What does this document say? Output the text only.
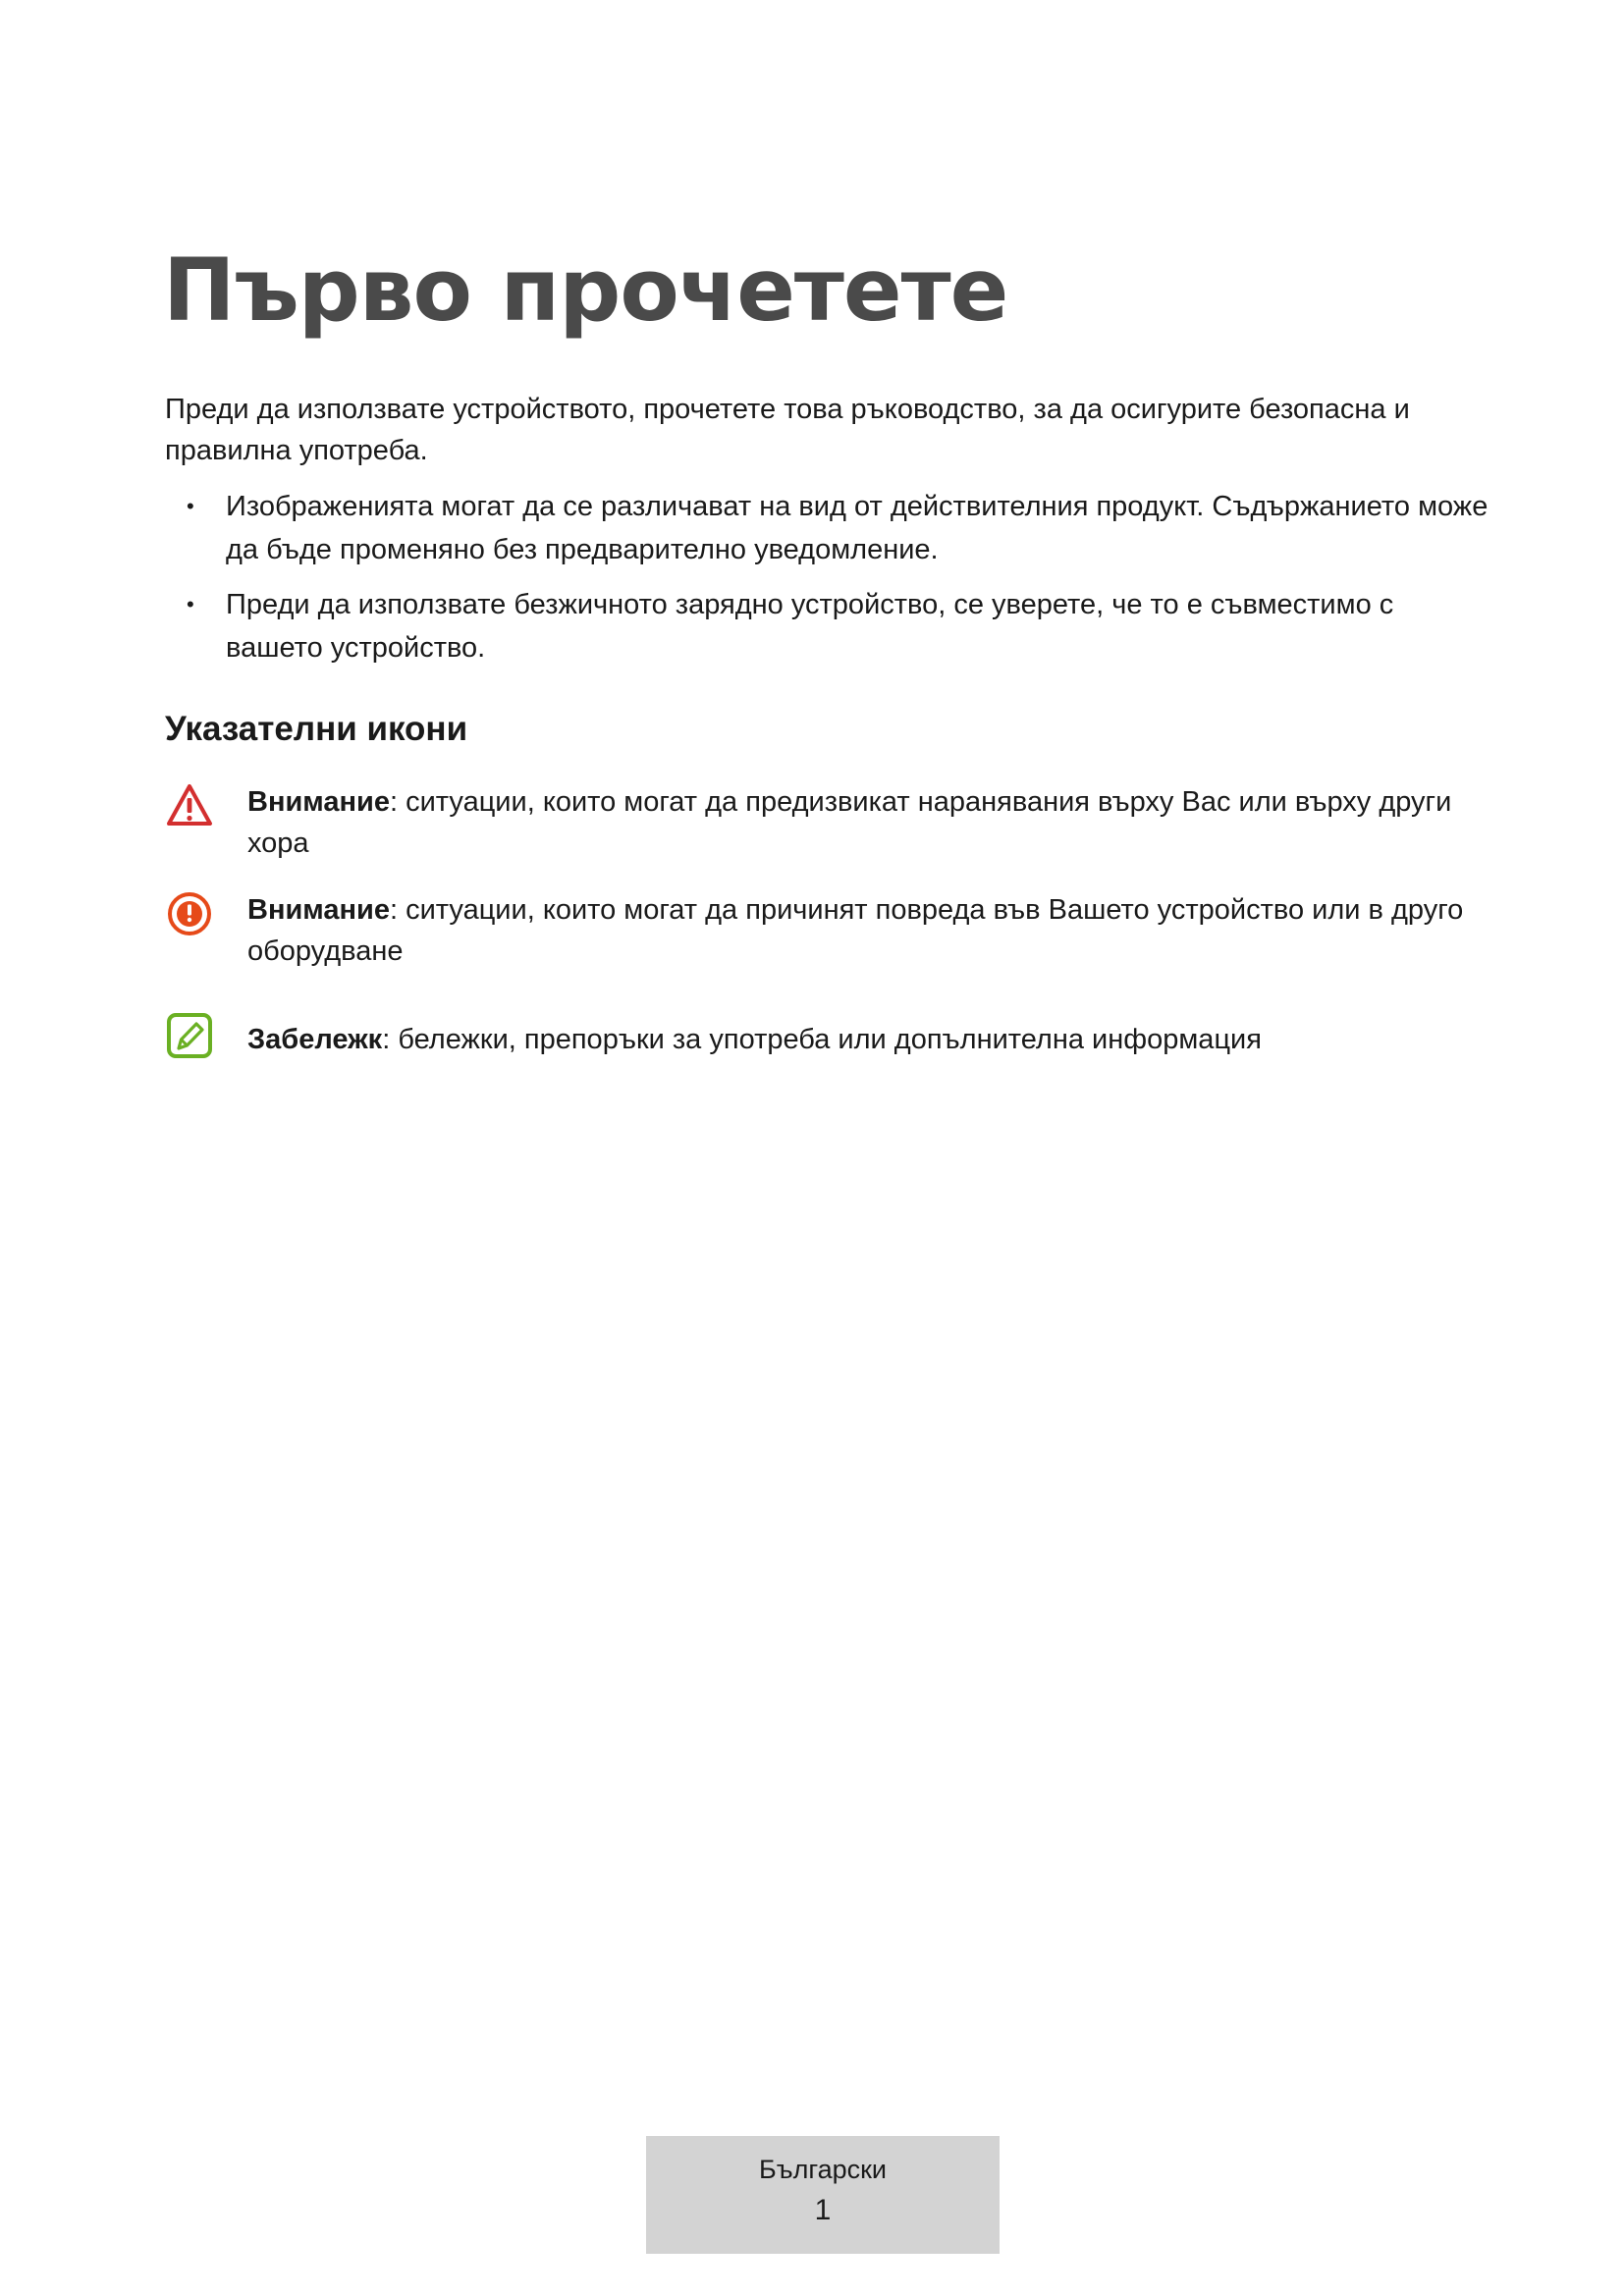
Първо прочетете

Преди да използвате устройството, прочетете това ръководство, за да осигурите безопасна и правилна употреба.

• Изображенията могат да се различават на вид от действителния продукт. Съдържанието може да бъде променяно без предварително уведомление.
• Преди да използвате безжичното зарядно устройство, се уверете, че то е съвместимо с вашето устройство.
Указателни икони
Внимание: ситуации, които могат да предизвикат наранявания върху Вас или върху други хора
Внимание: ситуации, които могат да причинят повреда във Вашето устройство или в друго оборудване
Забележк: бележки, препоръки за употреба или допълнителна информация
Български
1
